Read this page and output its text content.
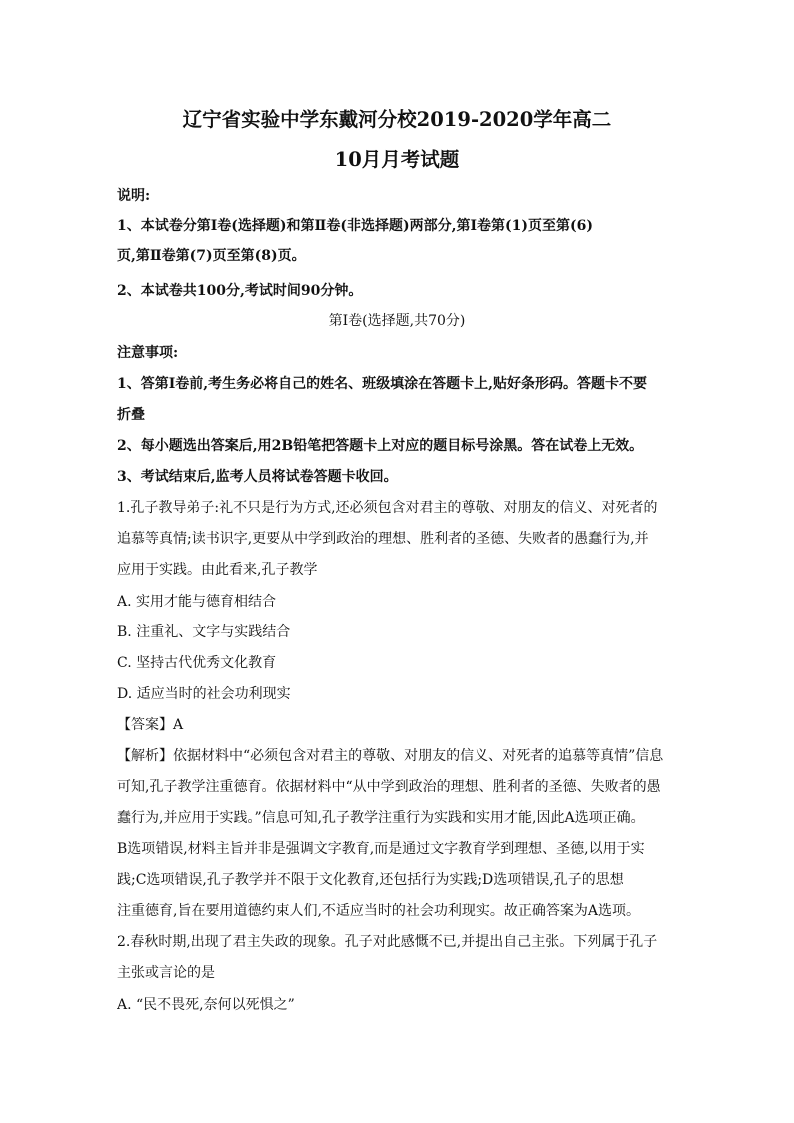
辽宁省实验中学东戴河分校2019-2020学年高二
10月月考试题
说明:
1、本试卷分第Ⅰ卷(选择题)和第Ⅱ卷(非选择题)两部分,第Ⅰ卷第(1)页至第(6)
页,第Ⅱ卷第(7)页至第(8)页。
2、本试卷共100分,考试时间90分钟。
第Ⅰ卷(选择题,共70分)
注意事项:
1、答第Ⅰ卷前,考生务必将自己的姓名、班级填涂在答题卡上,贴好条形码。答题卡不要
折叠
2、每小题选出答案后,用2B铅笔把答题卡上对应的题目标号涂黑。答在试卷上无效。
3、考试结束后,监考人员将试卷答题卡收回。
1.孔子教导弟子:礼不只是行为方式,还必须包含对君主的尊敬、对朋友的信义、对死者的
追慕等真情;读书识字,更要从中学到政治的理想、胜利者的圣德、失败者的愚蠢行为,并
应用于实践。由此看来,孔子教学
A. 实用才能与德育相结合
B. 注重礼、文字与实践结合
C. 坚持古代优秀文化教育
D. 适应当时的社会功利现实
【答案】A
【解析】依据材料中“必须包含对君主的尊敬、对朋友的信义、对死者的追慕等真情”信息
可知,孔子教学注重德育。依据材料中“从中学到政治的理想、胜利者的圣德、失败者的愚
蠢行为,并应用于实践。”信息可知,孔子教学注重行为实践和实用才能,因此A选项正确。
B选项错误,材料主旨并非是强调文字教育,而是通过文字教育学到理想、圣德,以用于实
践;C选项错误,孔子教学并不限于文化教育,还包括行为实践;D选项错误,孔子的思想
注重德育,旨在要用道德约束人们,不适应当时的社会功利现实。故正确答案为A选项。
2.春秋时期,出现了君主失政的现象。孔子对此感慨不已,并提出自己主张。下列属于孔子
主张或言论的是
A. “民不畏死,奈何以死惧之”
